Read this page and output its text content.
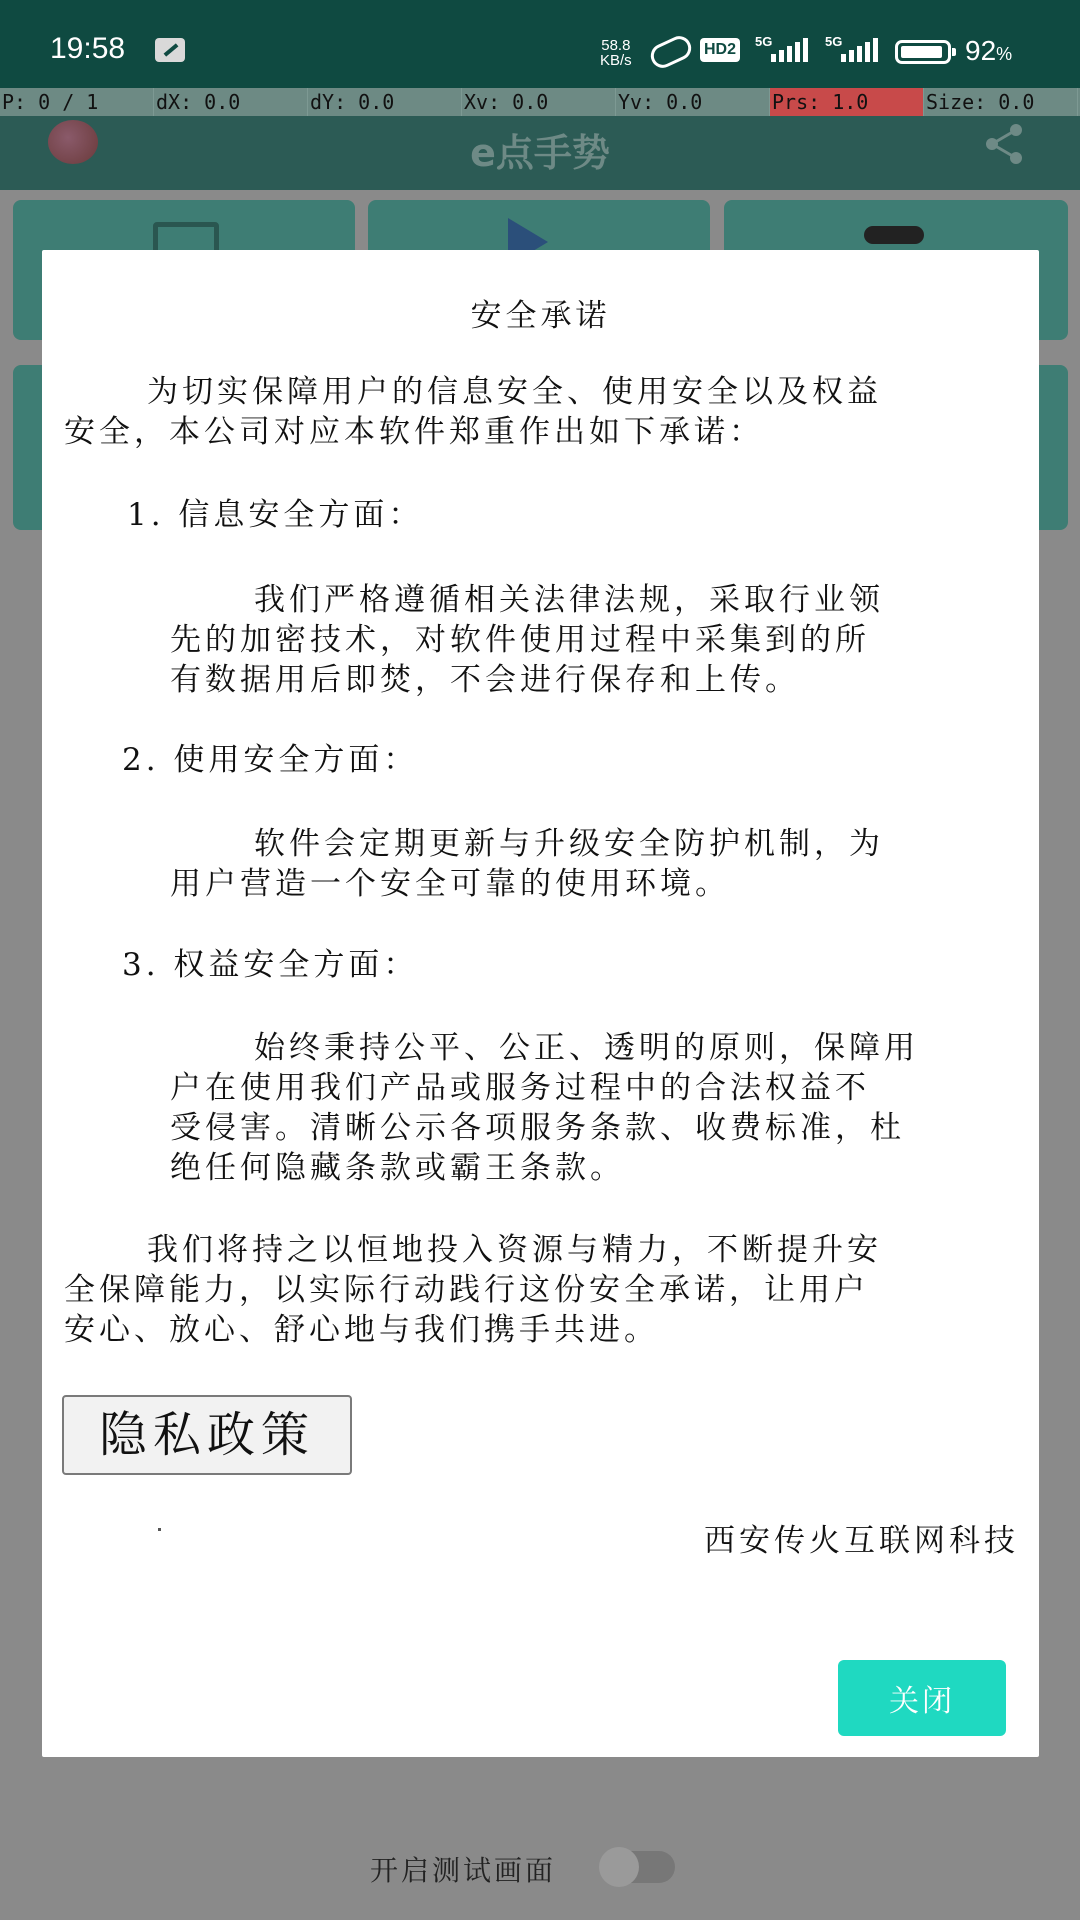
19:58	58.8
KB/s
HD2	5G	5G	92%
P: 0 / 1	dX: 0.0	dY: 0.0	Xv: 0.0	Yv: 0.0	Prs: 1.0	Size: 0.0
e点手势
开启测试画面
安全承诺
为切实保障用户的信息安全、使用安全以及权益
安全，本公司对应本软件郑重作出如下承诺：
1. 信息安全方面：
我们严格遵循相关法律法规，采取行业领
先的加密技术，对软件使用过程中采集到的所
有数据用后即焚，不会进行保存和上传。
2. 使用安全方面：
软件会定期更新与升级安全防护机制，为
用户营造一个安全可靠的使用环境。
3. 权益安全方面：
始终秉持公平、公正、透明的原则，保障用
户在使用我们产品或服务过程中的合法权益不
受侵害。清晰公示各项服务条款、收费标准，杜
绝任何隐藏条款或霸王条款。
我们将持之以恒地投入资源与精力，不断提升安
全保障能力，以实际行动践行这份安全承诺，让用户
安心、放心、舒心地与我们携手共进。
隐私政策
西安传火互联网科技
关闭
